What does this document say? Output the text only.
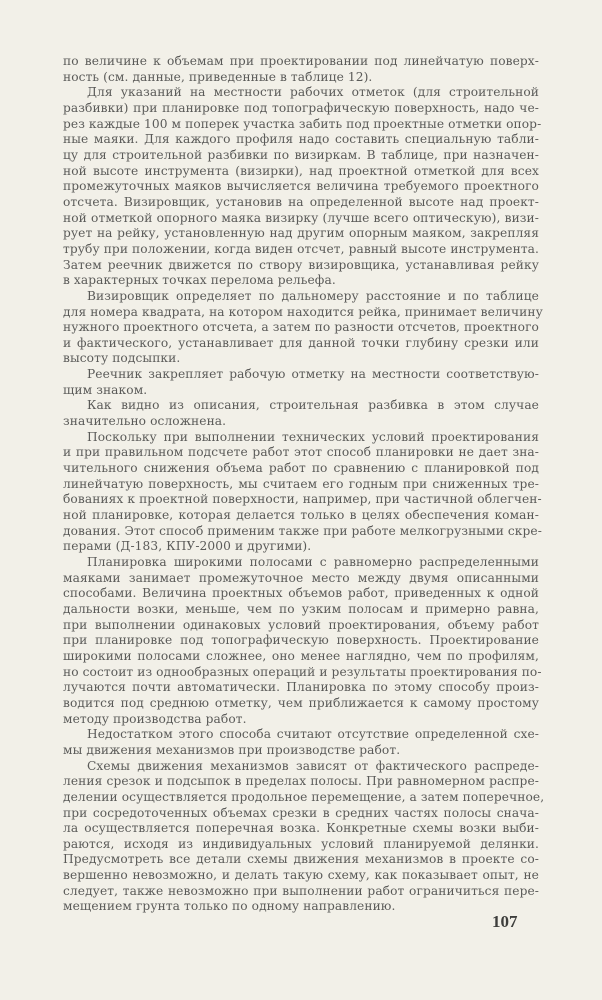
по величине к объемам при проектировании под линейчатую поверх-
ность (см. данные, приведенные в таблице 12).
Для указаний на местности рабочих отметок (для строительной
разбивки) при планировке под топографическую поверхность, надо че-
рез каждые 100 м поперек участка забить под проектные отметки опор-
ные маяки. Для каждого профиля надо составить специальную табли-
цу для строительной разбивки по визиркам. В таблице, при назначен-
ной высоте инструмента (визирки), над проектной отметкой для всех
промежуточных маяков вычисляется величина требуемого проектного
отсчета. Визировщик, установив на определенной высоте над проект-
ной отметкой опорного маяка визирку (лучше всего оптическую), визи-
рует на рейку, установленную над другим опорным маяком, закрепляя
трубу при положении, когда виден отсчет, равный высоте инструмента.
Затем реечник движется по створу визировщика, устанавливая рейку
в характерных точках перелома рельефа.
Визировщик определяет по дальномеру расстояние и по таблице
для номера квадрата, на котором находится рейка, принимает величину
нужного проектного отсчета, а затем по разности отсчетов, проектного
и фактического, устанавливает для данной точки глубину срезки или
высоту подсыпки.
Реечник закрепляет рабочую отметку на местности соответствую-
щим знаком.
Как видно из описания, строительная разбивка в этом случае
значительно осложнена.
Поскольку при выполнении технических условий проектирования
и при правильном подсчете работ этот способ планировки не дает зна-
чительного снижения объема работ по сравнению с планировкой под
линейчатую поверхность, мы считаем его годным при сниженных тре-
бованиях к проектной поверхности, например, при частичной облегчен-
ной планировке, которая делается только в целях обеспечения коман-
дования. Этот способ применим также при работе мелкогрузными скре-
перами (Д-183, КПУ-2000 и другими).
Планировка широкими полосами с равномерно распределенными
маяками занимает промежуточное место между двумя описанными
способами. Величина проектных объемов работ, приведенных к одной
дальности возки, меньше, чем по узким полосам и примерно равна,
при выполнении одинаковых условий проектирования, объему работ
при планировке под топографическую поверхность. Проектирование
широкими полосами сложнее, оно менее наглядно, чем по профилям,
но состоит из однообразных операций и результаты проектирования по-
лучаются почти автоматически. Планировка по этому способу произ-
водится под среднюю отметку, чем приближается к самому простому
методу производства работ.
Недостатком этого способа считают отсутствие определенной схе-
мы движения механизмов при производстве работ.
Схемы движения механизмов зависят от фактического распреде-
ления срезок и подсыпок в пределах полосы. При равномерном распре-
делении осуществляется продольное перемещение, а затем поперечное,
при сосредоточенных объемах срезки в средних частях полосы снача-
ла осуществляется поперечная возка. Конкретные схемы возки выби-
раются, исходя из индивидуальных условий планируемой делянки.
Предусмотреть все детали схемы движения механизмов в проекте со-
вершенно невозможно, и делать такую схему, как показывает опыт, не
следует, также невозможно при выполнении работ ограничиться пере-
мещением грунта только по одному направлению.
107
